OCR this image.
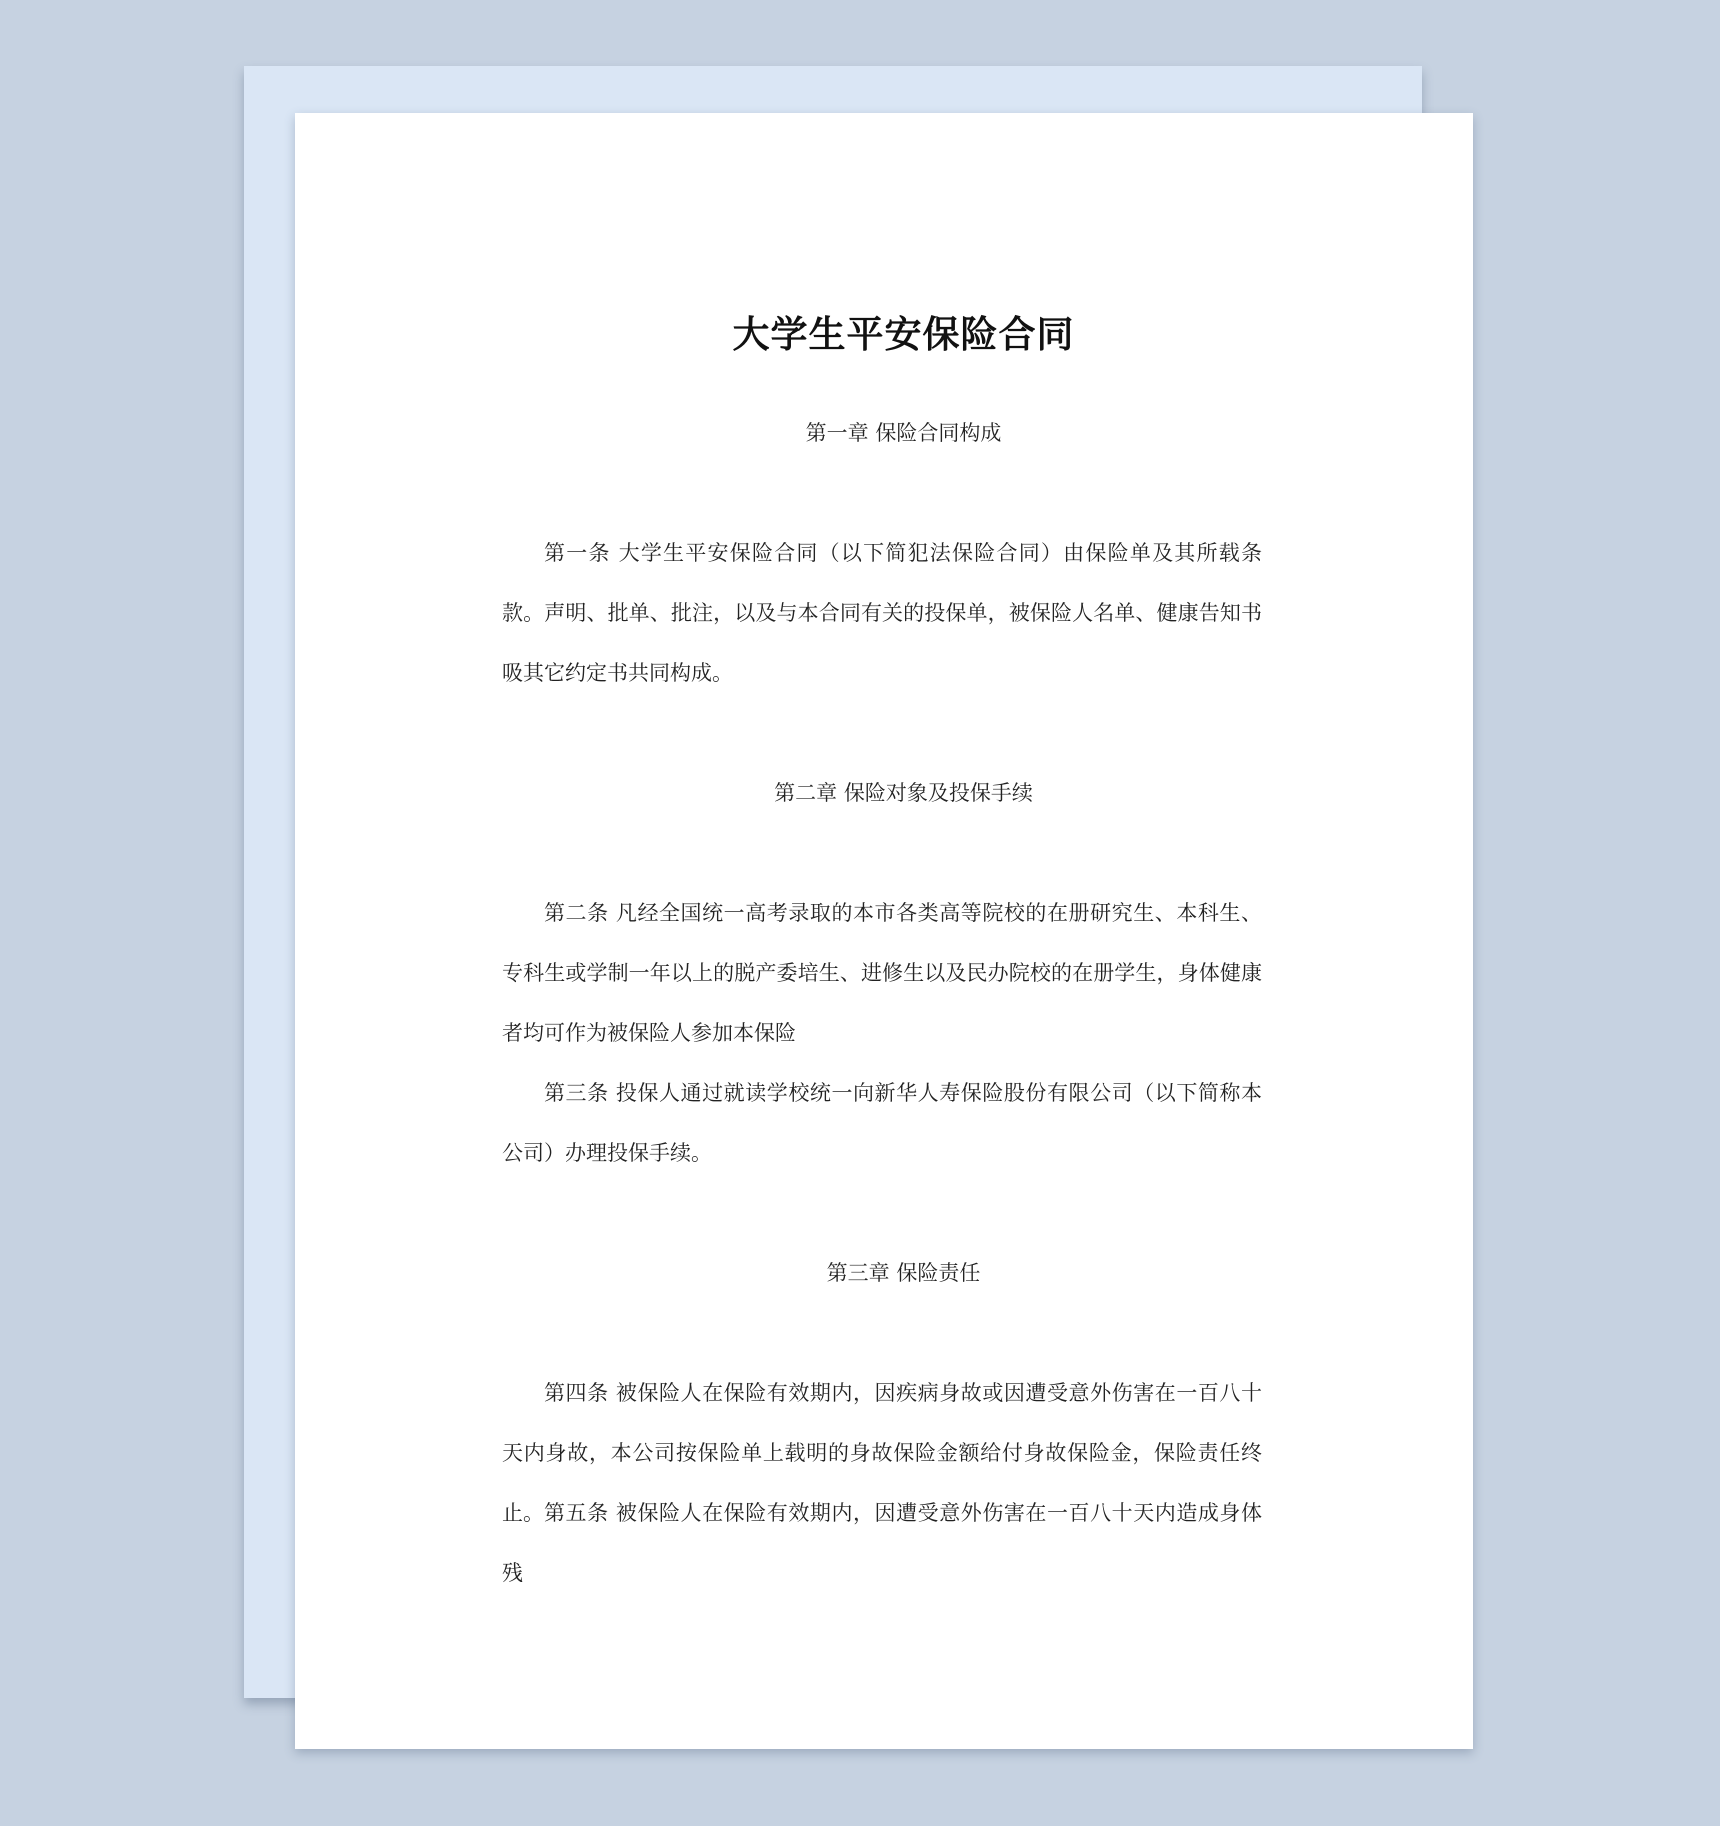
大学生平安保险合同
第一章 保险合同构成
第一条 大学生平安保险合同（以下简犯法保险合同）由保险单及其所载条款。声明、批单、批注，以及与本合同有关的投保单，被保险人名单、健康告知书吸其它约定书共同构成。
第二章 保险对象及投保手续
第二条 凡经全国统一高考录取的本市各类高等院校的在册研究生、本科生、专科生或学制一年以上的脱产委培生、进修生以及民办院校的在册学生，身体健康者均可作为被保险人参加本保险
第三条 投保人通过就读学校统一向新华人寿保险股份有限公司（以下简称本公司）办理投保手续。
第三章 保险责任
第四条 被保险人在保险有效期内，因疾病身故或因遭受意外伤害在一百八十天内身故，本公司按保险单上载明的身故保险金额给付身故保险金，保险责任终止。 第五条 被保险人在保险有效期内，因遭受意外伤害在一百八十天内造成身体残
